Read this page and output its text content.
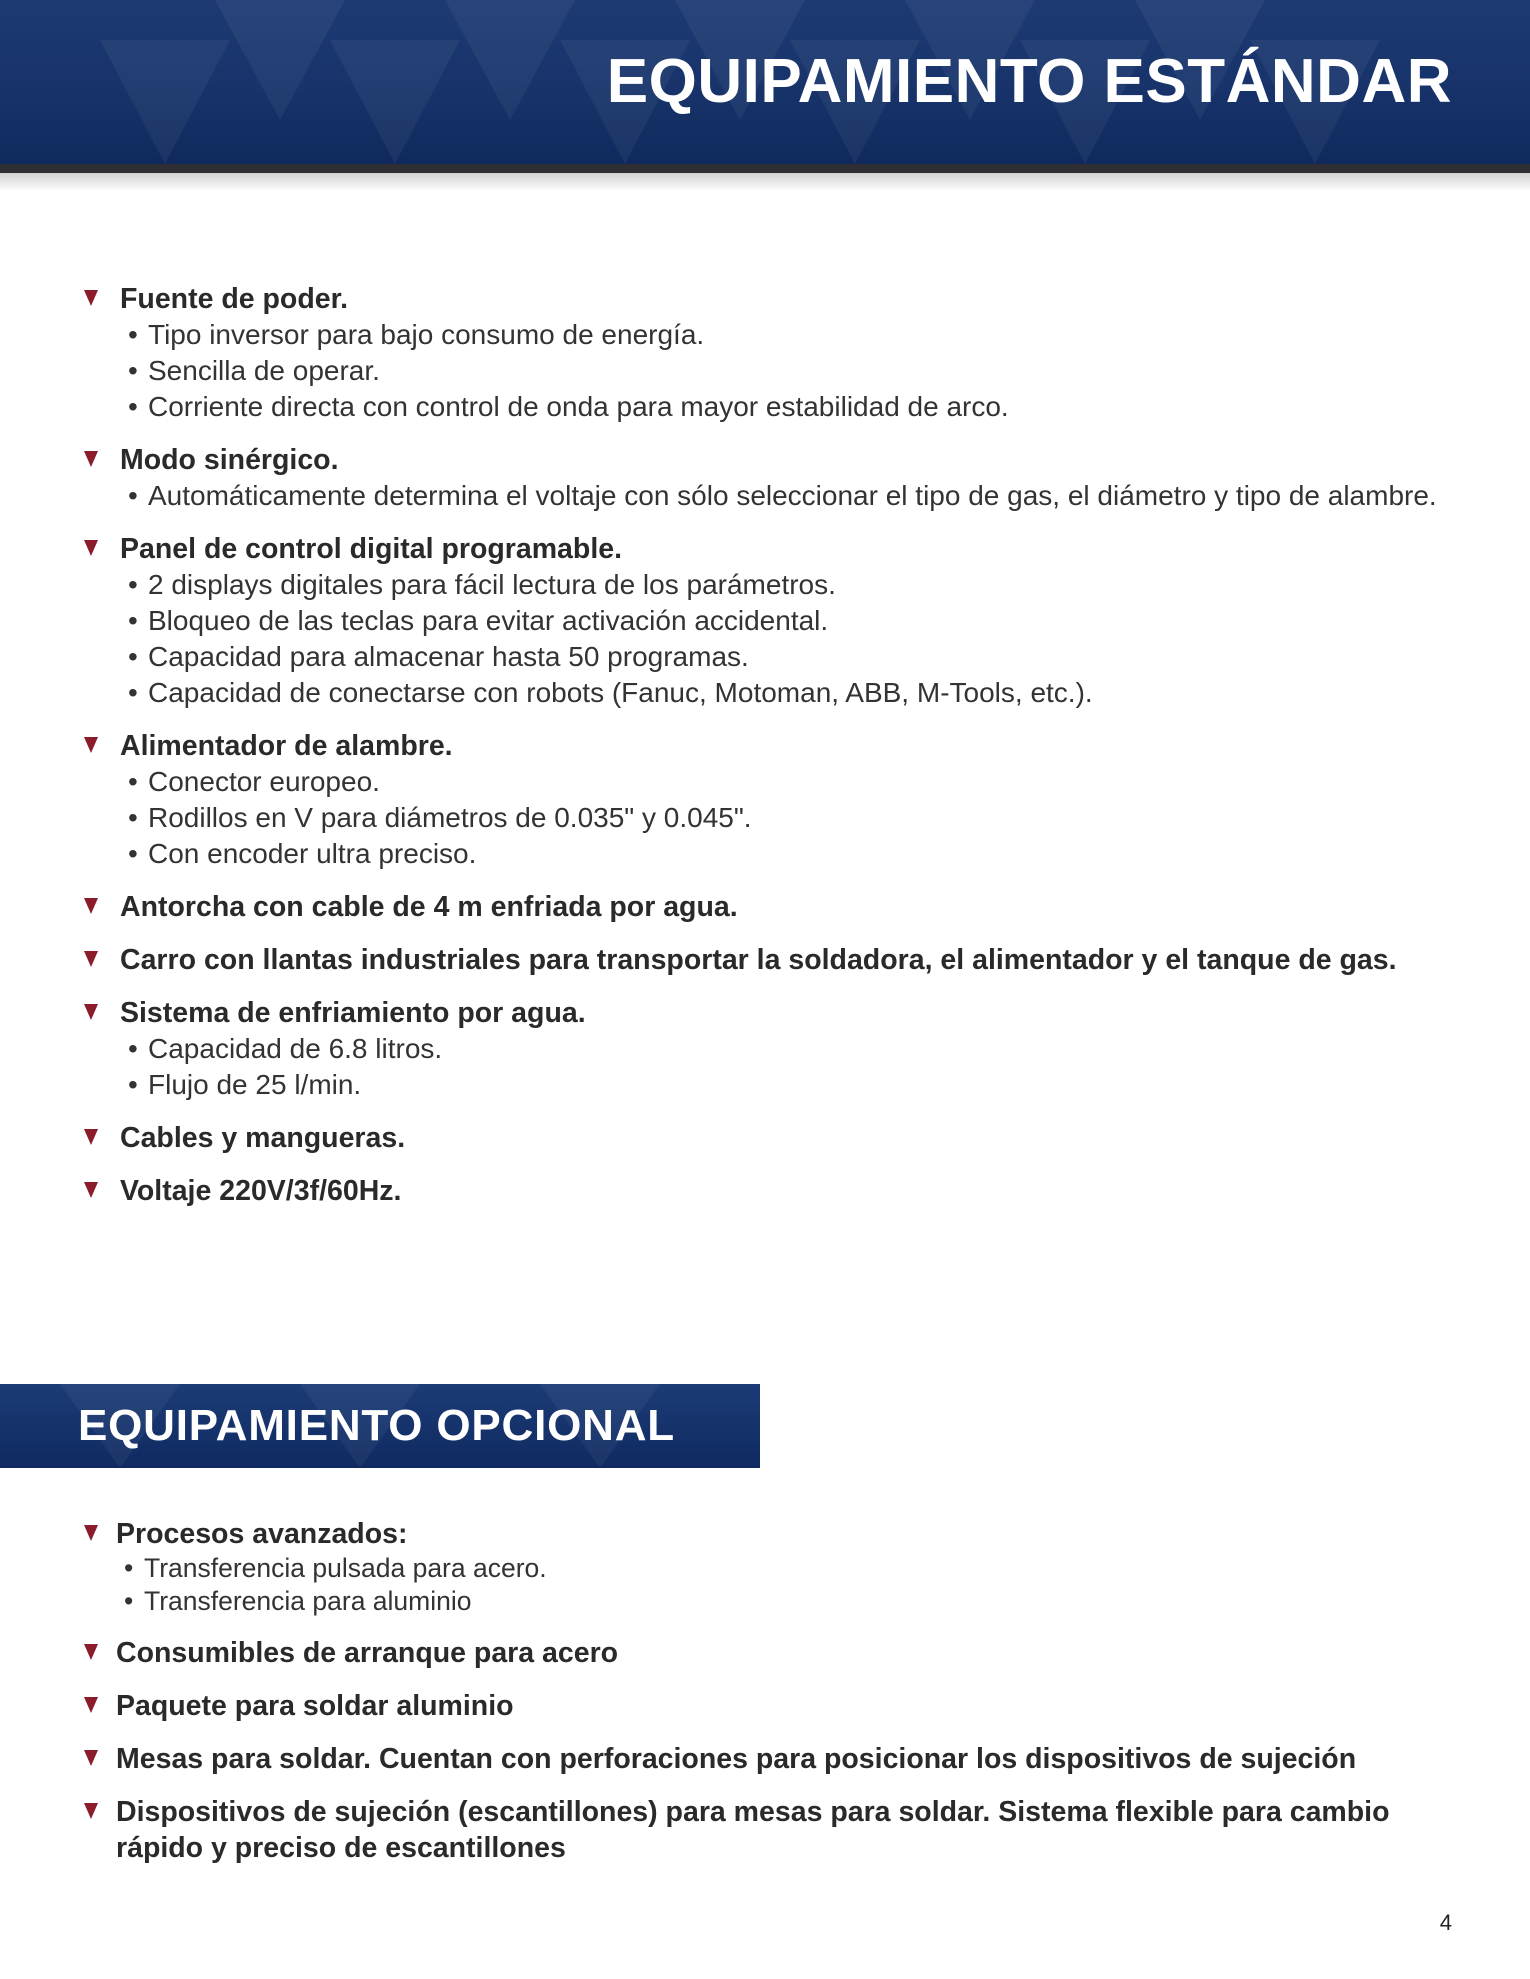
EQUIPAMIENTO ESTÁNDAR
Fuente de poder.
• Tipo inversor para bajo consumo de energía.
• Sencilla de operar.
• Corriente directa con control de onda para mayor estabilidad de arco.
Modo sinérgico.
• Automáticamente determina el voltaje con sólo seleccionar el tipo de gas, el diámetro y tipo de alambre.
Panel de control digital programable.
• 2 displays digitales para fácil lectura de los parámetros.
• Bloqueo de las teclas para evitar activación accidental.
• Capacidad para almacenar hasta 50 programas.
• Capacidad de conectarse con robots (Fanuc, Motoman, ABB, M-Tools, etc.).
Alimentador de alambre.
• Conector europeo.
• Rodillos en V para diámetros de 0.035" y 0.045".
• Con encoder ultra preciso.
Antorcha con cable de 4 m enfriada por agua.
Carro con llantas industriales para transportar la soldadora, el alimentador y el tanque de gas.
Sistema de enfriamiento por agua.
• Capacidad de 6.8 litros.
• Flujo de 25 l/min.
Cables y mangueras.
Voltaje 220V/3f/60Hz.
EQUIPAMIENTO OPCIONAL
Procesos avanzados:
• Transferencia pulsada para acero.
• Transferencia para aluminio
Consumibles de arranque para acero
Paquete para soldar aluminio
Mesas para soldar. Cuentan con perforaciones para posicionar los dispositivos de sujeción
Dispositivos de sujeción (escantillones) para mesas para soldar. Sistema flexible para cambio rápido y preciso de escantillones
4
